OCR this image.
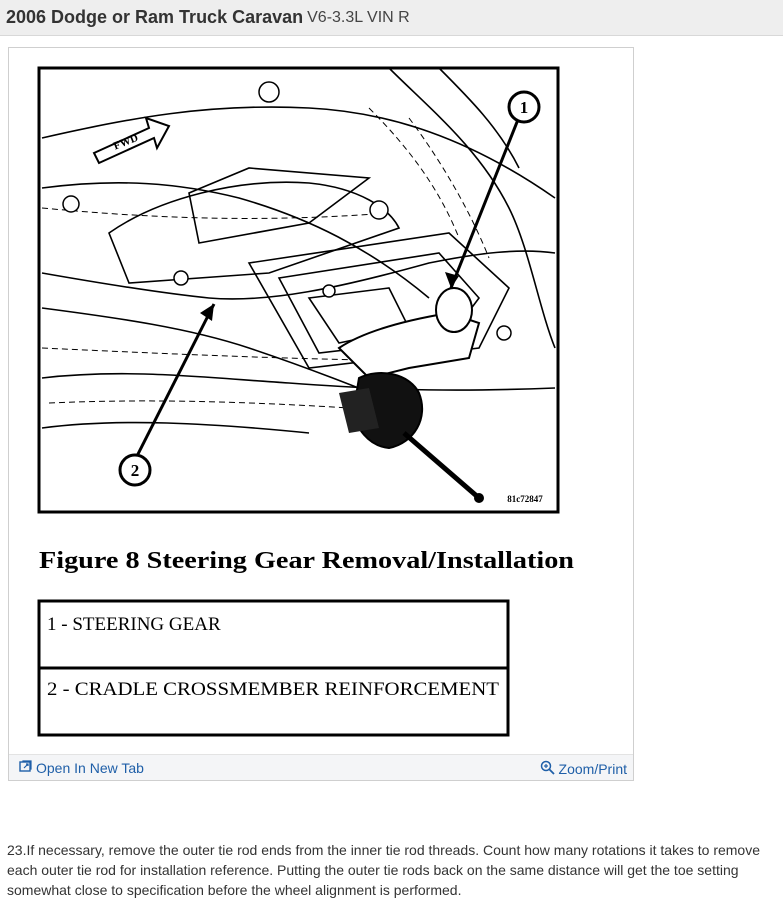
2006 Dodge or Ram Truck Caravan V6-3.3L VIN R
FWD
1
2
81c72847
Figure 8 Steering Gear Removal/Installation
1 - STEERING GEAR
2 - CRADLE CROSSMEMBER REINFORCEMENT
Open In New Tab	Zoom/Print

23.If necessary, remove the outer tie rod ends from the inner tie rod threads. Count how many rotations it takes to remove each outer tie rod for installation reference. Putting the outer tie rods back on the same distance will get the toe setting somewhat close to specification before the wheel alignment is performed.
